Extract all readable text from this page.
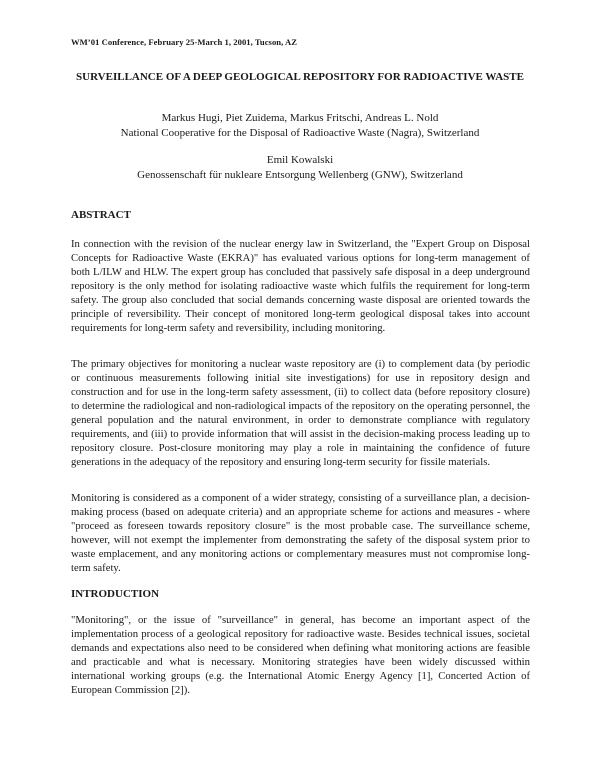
WM’01 Conference, February 25-March 1, 2001, Tucson, AZ
SURVEILLANCE OF A DEEP GEOLOGICAL REPOSITORY FOR RADIOACTIVE WASTE
Markus Hugi, Piet Zuidema, Markus Fritschi, Andreas L. Nold
National Cooperative for the Disposal of Radioactive Waste (Nagra), Switzerland
Emil Kowalski
Genossenschaft für nukleare Entsorgung Wellenberg (GNW), Switzerland
ABSTRACT
In connection with the revision of the nuclear energy law in Switzerland, the "Expert Group on Disposal Concepts for Radioactive Waste (EKRA)" has evaluated various options for long-term management of both L/ILW and HLW. The expert group has concluded that passively safe disposal in a deep underground repository is the only method for isolating radioactive waste which fulfils the requirement for long-term safety. The group also concluded that social demands concerning waste disposal are oriented towards the principle of reversibility. Their concept of monitored long-term geological disposal takes into account requirements for long-term safety and reversibility, including monitoring.
The primary objectives for monitoring a nuclear waste repository are (i) to complement data (by periodic or continuous measurements following initial site investigations) for use in repository design and construction and for use in the long-term safety assessment, (ii) to collect data (before repository closure) to determine the radiological and non-radiological impacts of the repository on the operating personnel, the general population and the natural environment, in order to demonstrate compliance with regulatory requirements, and (iii) to provide information that will assist in the decision-making process leading up to repository closure. Post-closure monitoring may play a role in maintaining the confidence of future generations in the adequacy of the repository and ensuring long-term security for fissile materials.
Monitoring is considered as a component of a wider strategy, consisting of a surveillance plan, a decision-making process (based on adequate criteria) and an appropriate scheme for actions and measures - where "proceed as foreseen towards repository closure" is the most probable case. The surveillance scheme, however, will not exempt the implementer from demonstrating the safety of the disposal system prior to waste emplacement, and any monitoring actions or complementary measures must not compromise long-term safety.
INTRODUCTION
"Monitoring", or the issue of "surveillance" in general, has become an important aspect of the implementation process of a geological repository for radioactive waste. Besides technical issues, societal demands and expectations also need to be considered when defining what monitoring actions are feasible and practicable and what is necessary. Monitoring strategies have been widely discussed within international working groups (e.g. the International Atomic Energy Agency [1], Concerted Action of European Commission [2]).
